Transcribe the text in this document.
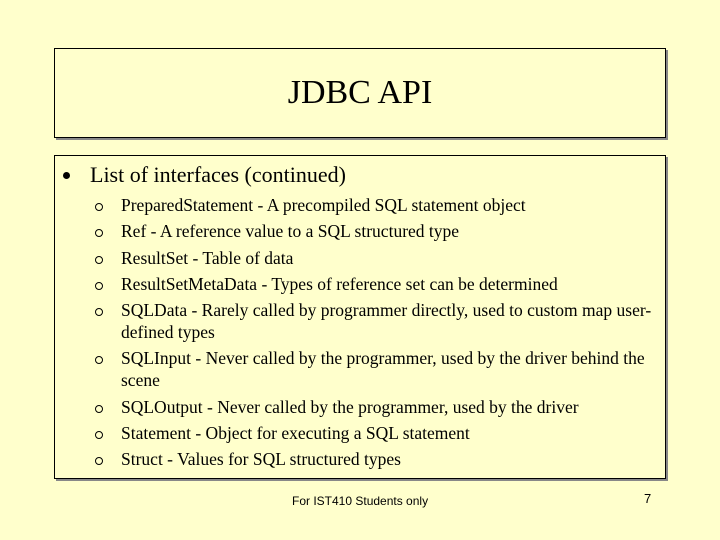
JDBC API
List of interfaces (continued)
PreparedStatement - A precompiled SQL statement object
Ref - A reference value to a SQL structured type
ResultSet - Table of data
ResultSetMetaData - Types of reference set can be determined
SQLData - Rarely called by programmer directly, used to custom map user-defined types
SQLInput - Never called by the programmer, used by the driver behind the scene
SQLOutput - Never called by the programmer, used by the driver
Statement - Object for executing a SQL statement
Struct - Values for SQL structured types
For IST410 Students only	7
